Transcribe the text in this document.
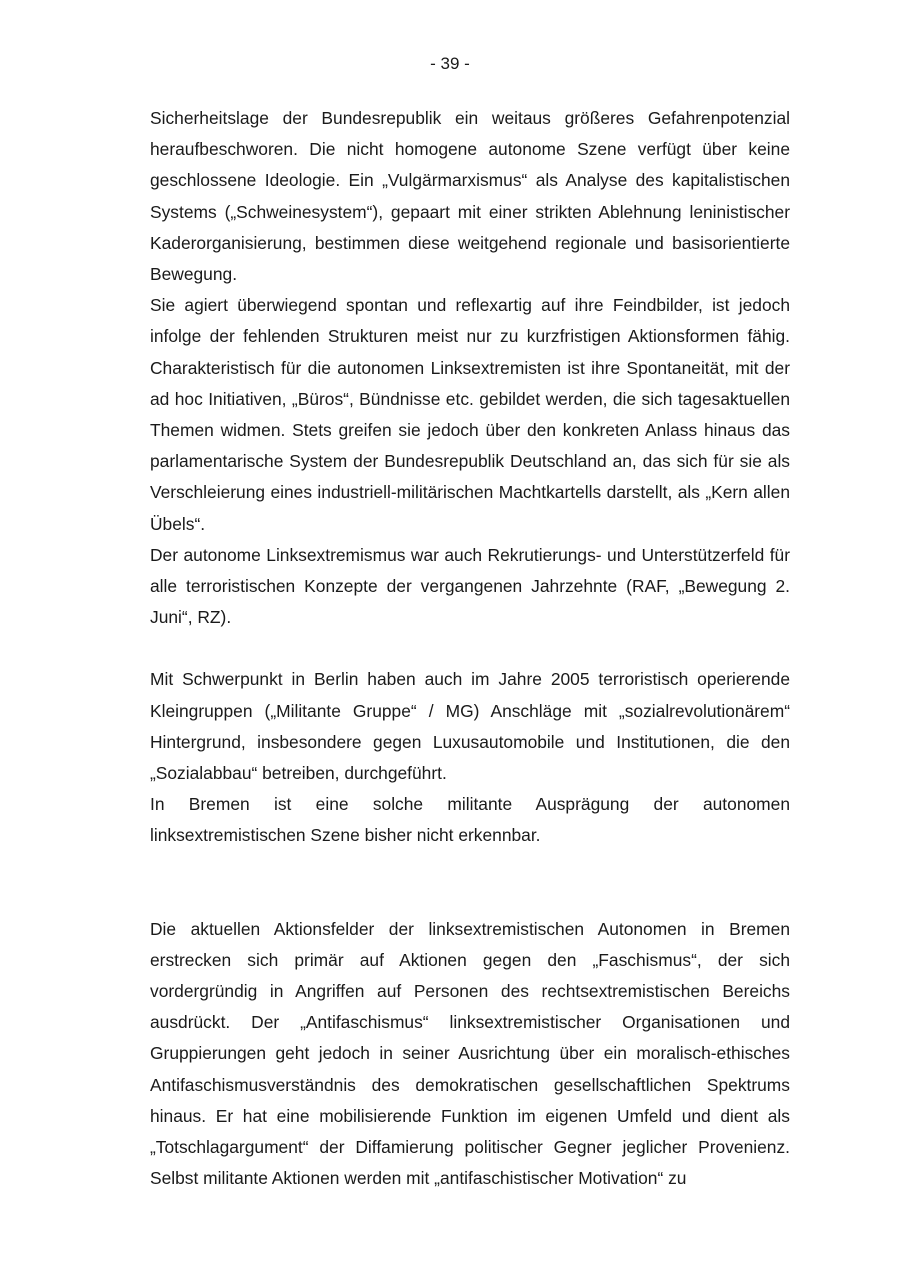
- 39 -

Sicherheitslage der Bundesrepublik ein weitaus größeres Gefahrenpotenzial heraufbeschworen. Die nicht homogene autonome Szene verfügt über keine geschlossene Ideologie. Ein „Vulgärmarxismus“ als Analyse des kapitalistischen Systems („Schweinesystem“), gepaart mit einer strikten Ablehnung leninistischer Kaderorganisierung, bestimmen diese weitgehend regionale und basisorientierte Bewegung.

Sie agiert überwiegend spontan und reflexartig auf ihre Feindbilder, ist jedoch infolge der fehlenden Strukturen meist nur zu kurzfristigen Aktionsformen fähig. Charakteristisch für die autonomen Linksextremisten ist ihre Spontaneität, mit der ad hoc Initiativen, „Büros“, Bündnisse etc. gebildet werden, die sich tagesaktuellen Themen widmen. Stets greifen sie jedoch über den konkreten Anlass hinaus das parlamentarische System der Bundesrepublik Deutschland an, das sich für sie als Verschleierung eines industriell-militärischen Machtkartells darstellt, als „Kern allen Übels“.

Der autonome Linksextremismus war auch Rekrutierungs- und Unterstützerfeld für alle terroristischen Konzepte der vergangenen Jahrzehnte (RAF, „Bewegung 2. Juni“, RZ).

Mit Schwerpunkt in Berlin haben auch im Jahre 2005 terroristisch operierende Kleingruppen („Militante Gruppe“ / MG) Anschläge mit „sozialrevolutionärem“ Hintergrund, insbesondere gegen Luxusautomobile und Institutionen, die den „Sozialabbau“ betreiben, durchgeführt.

In Bremen ist eine solche militante Ausprägung der autonomen linksextremistischen Szene bisher nicht erkennbar.

Die aktuellen Aktionsfelder der linksextremistischen Autonomen in Bremen erstrecken sich primär auf Aktionen gegen den „Faschismus“, der sich vordergründig in Angriffen auf Personen des rechtsextremistischen Bereichs ausdrückt. Der „Antifaschismus“ linksextremistischer Organisationen und Gruppierungen geht jedoch in seiner Ausrichtung über ein moralisch-ethisches Antifaschismusverständnis des demokratischen gesellschaftlichen Spektrums hinaus. Er hat eine mobilisierende Funktion im eigenen Umfeld und dient als „Totschlagargument“ der Diffamierung politischer Gegner jeglicher Provenienz. Selbst militante Aktionen werden mit „antifaschistischer Motivation“ zu
